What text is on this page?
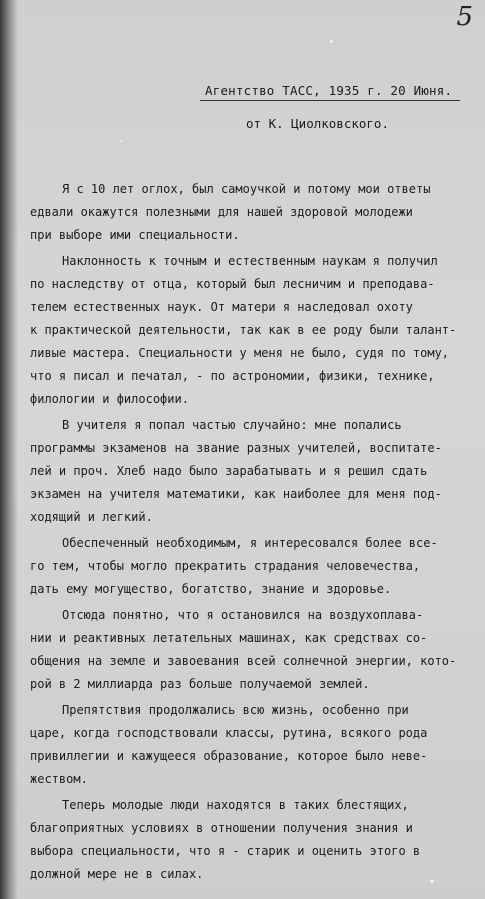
5
Агентство ТАСС, 1935 г. 20 Июня.
от К. Циолковского.
Я с 10 лет оглох, был самоучкой и потому мои ответы
едвали окажутся полезными для нашей здоровой молодежи
при выборе ими специальности.
Наклонность к точным и естественным наукам я получил
по наследству от отца, который был лесничим и преподава-
телем естественных наук. От матери я наследовал охоту
к практической деятельности, так как в ее роду были талант-
ливые мастера. Специальности у меня не было, судя по тому,
что я писал и печатал, - по астрономии, физики, технике,
филологии и философии.
В учителя я попал частью случайно: мне попались
программы экзаменов на звание разных учителей, воспитате-
лей и проч. Хлеб надо было зарабатывать и я решил сдать
экзамен на учителя математики, как наиболее для меня под-
ходящий и легкий.
Обеспеченный необходимым, я интересовался более все-
го тем, чтобы могло прекратить страдания человечества,
дать ему могущество, богатство, знание и здоровье.
Отсюда понятно, что я остановился на воздухоплава-
нии и реактивных летательных машинах, как средствах со-
общения на земле и завоевания всей солнечной энергии, кото-
рой в 2 миллиарда раз больше получаемой землей.
Препятствия продолжались всю жизнь, особенно при
царе, когда господствовали классы, рутина, всякого рода
привиллегии и кажущееся образование, которое было неве-
жеством.
Теперь молодые люди находятся в таких блестящих,
благоприятных условиях в отношении получения знания и
выбора специальности, что я - старик и оценить этого в
должной мере не в силах.
